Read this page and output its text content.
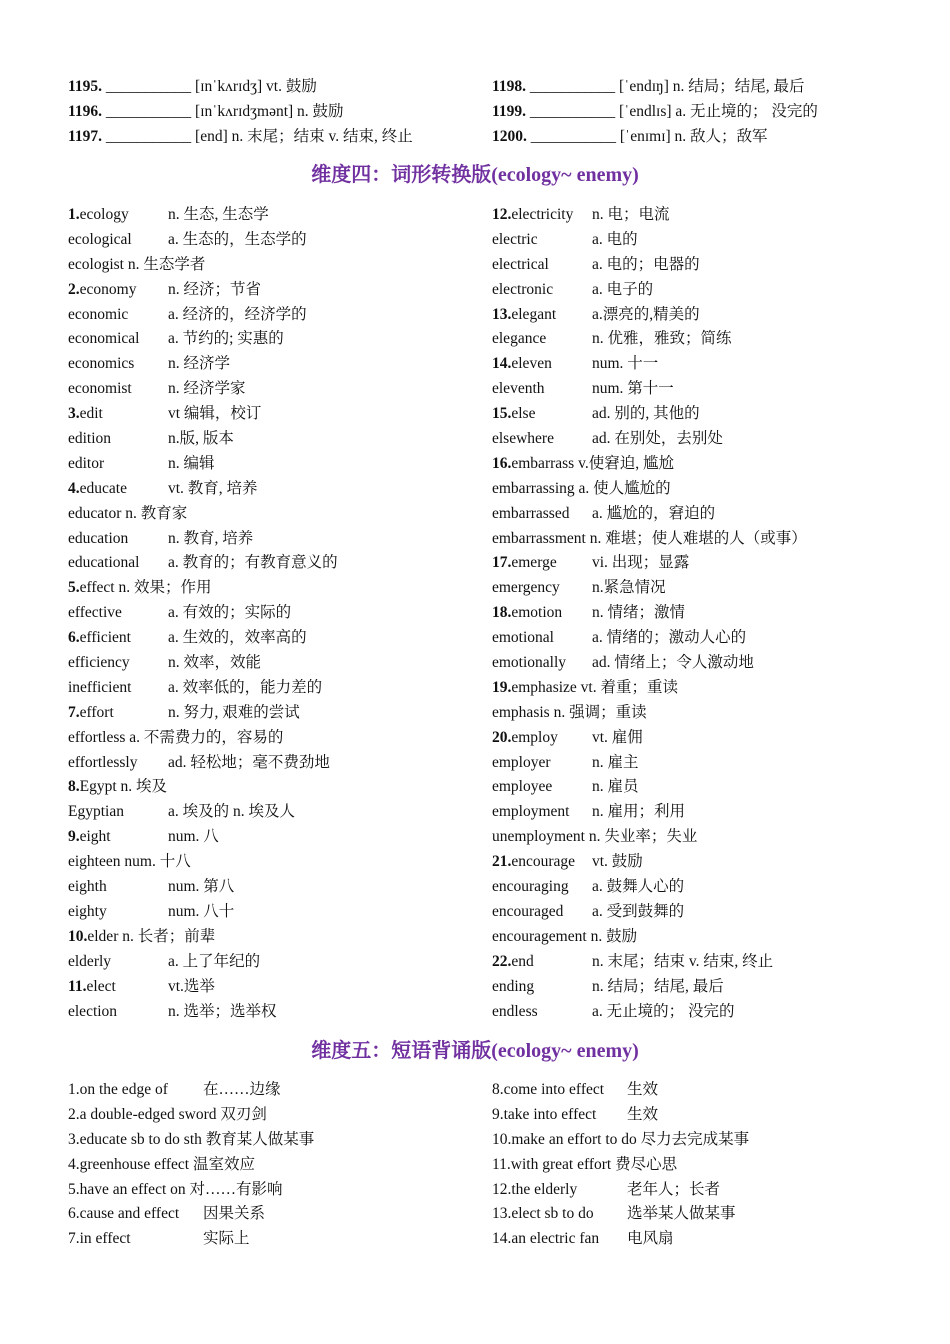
1195. ___________ [ɪnˈkʌrɪdʒ] vt. 鼓励
1196. ___________ [ɪnˈkʌrɪdʒmənt] n. 鼓励
1197. ___________ [end] n. 末尾；结束 v. 结束, 终止
1198. ___________ [ˈendɪŋ] n. 结局；结尾, 最后
1199. ___________ [ˈendlɪs] a. 无止境的； 没完的
1200. ___________ [ˈenɪmɪ] n. 敌人；敌军
维度四：词形转换版(ecology~ enemy)
1.ecology	n. 生态, 生态学
ecological a. 生态的，生态学的
ecologist n. 生态学者
2.economy n. 经济；节省
economic	a. 经济的，经济学的
economical a. 节约的; 实惠的
economics n. 经济学
economist n. 经济学家
3.edit	vt 编辑，校订
edition	n.版, 版本
editor	n. 编辑
4.educate	vt. 教育, 培养
educator n. 教育家
education	n. 教育, 培养
educational a. 教育的；有教育意义的
5.effect n. 效果；作用
effective	a. 有效的；实际的
6.efficient a. 生效的，效率高的
efficiency n. 效率，效能
inefficient a. 效率低的，能力差的
7.effort	n. 努力, 艰难的尝试
effortless a. 不需费力的，容易的
effortlessly ad. 轻松地；毫不费劲地
8.Egypt n. 埃及
Egyptian	a. 埃及的 n. 埃及人
9.eight	num. 八
eighteen num. 十八
eighth	num. 第八
eighty	num. 八十
10.elder n. 长者；前辈
elderly	a. 上了年纪的
11.elect	vt.选举
election	n. 选举；选举权
12.electricity n. 电；电流
electric	a. 电的
electrical	a. 电的；电器的
electronic	a. 电子的
13.elegant a.漂亮的,精美的
elegance	n. 优雅，雅致；简练
14.eleven	num. 十一
eleventh	num. 第十一
15.else	ad. 别的, 其他的
elsewhere ad. 在别处，去别处
16.embarrass v.使窘迫, 尴尬
embarrassing a. 使人尴尬的
embarrassed a. 尴尬的，窘迫的
embarrassment n. 难堪；使人难堪的人（或事）
17.emerge vi. 出现；显露
emergency n.紧急情况
18.emotion n. 情绪；激情
emotional a. 情绪的；激动人心的
emotionally ad. 情绪上；令人激动地
19.emphasize vt. 着重；重读
emphasis n. 强调；重读
20.employ vt. 雇佣
employer	n. 雇主
employee	n. 雇员
employment n. 雇用；利用
unemployment n. 失业率；失业
21.encourage vt. 鼓励
encouraging a. 鼓舞人心的
encouraged a. 受到鼓舞的
encouragement n. 鼓励
22.end	n. 末尾；结束 v. 结束, 终止
ending	n. 结局；结尾, 最后
endless	a. 无止境的； 没完的
维度五：短语背诵版(ecology~ enemy)
1.on the edge of 在……边缘
2.a double-edged sword 双刃剑
3.educate sb to do sth 教育某人做某事
4.greenhouse effect 温室效应
5.have an effect on 对……有影响
6.cause and effect 因果关系
7.in effect	实际上
8.come into effect 生效
9.take into effect 生效
10.make an effort to do 尽力去完成某事
11.with great effort 费尽心思
12.the elderly	老年人；长者
13.elect sb to do 选举某人做某事
14.an electric fan 电风扇
